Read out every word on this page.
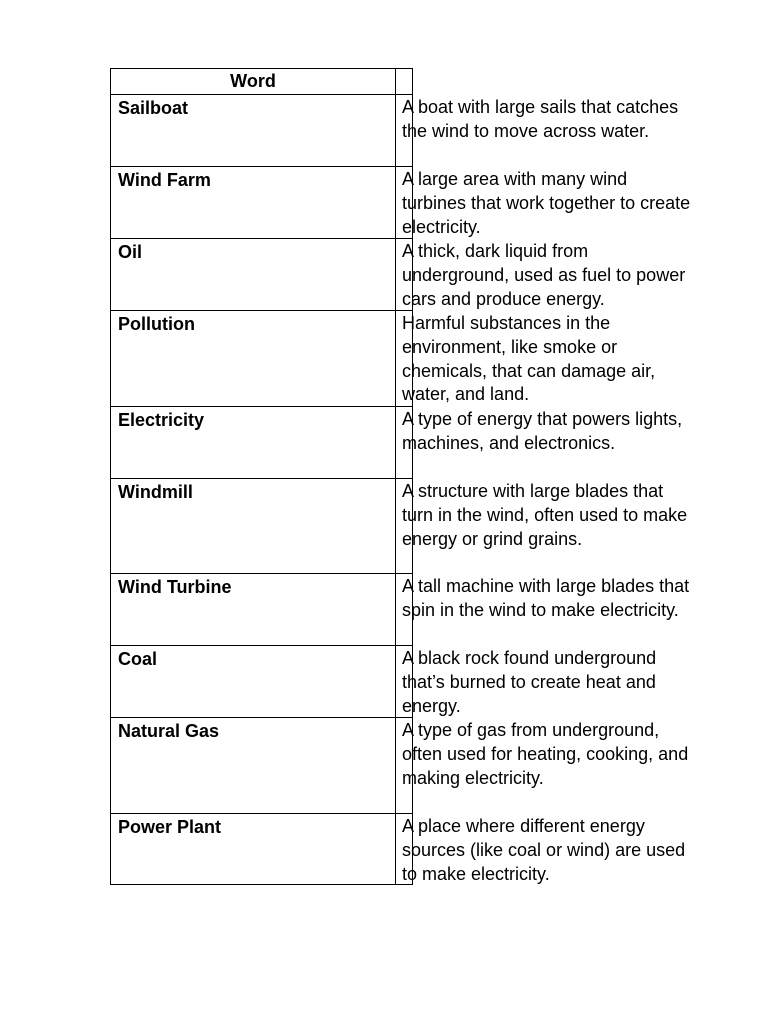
Word	
Sailboat	A boat with large sails that catches the wind to move across water.

Wind Farm	A large area with many wind turbines that work together to create electricity.

Oil	A thick, dark liquid from underground, used as fuel to power cars and produce energy.

Pollution	Harmful substances in the environment, like smoke or chemicals, that can damage air, water, and land.

Electricity	A type of energy that powers lights, machines, and electronics.

Windmill	A structure with large blades that turn in the wind, often used to make energy or grind grains.

Wind Turbine	A tall machine with large blades that spin in the wind to make electricity.

Coal	A black rock found underground that’s burned to create heat and energy.

Natural Gas	A type of gas from underground, often used for heating, cooking, and making electricity.

Power Plant	A place where different energy sources (like coal or wind) are used to make electricity.
